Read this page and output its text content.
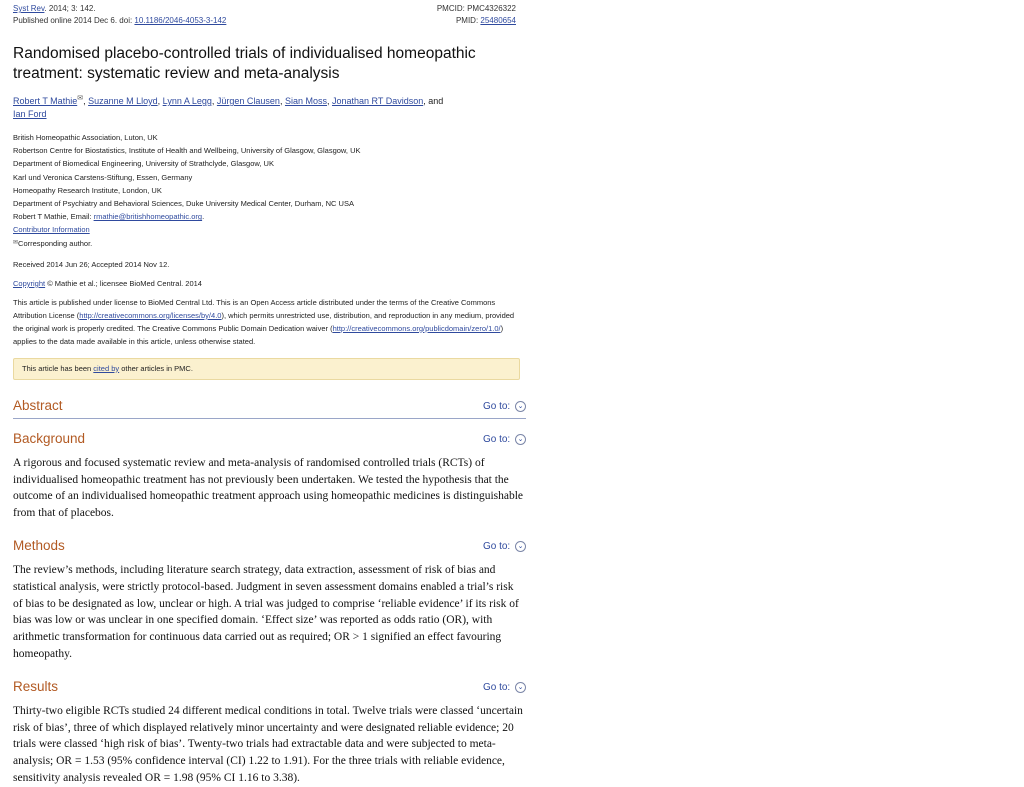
Syst Rev. 2014; 3: 142.
Published online 2014 Dec 6. doi: 10.1186/2046-4053-3-142
PMCID: PMC4326322
PMID: 25480654
Randomised placebo-controlled trials of individualised homeopathic treatment: systematic review and meta-analysis
Robert T Mathie✉, Suzanne M Lloyd, Lynn A Legg, Jürgen Clausen, Sian Moss, Jonathan RT Davidson, and
Ian Ford
British Homeopathic Association, Luton, UK
Robertson Centre for Biostatistics, Institute of Health and Wellbeing, University of Glasgow, Glasgow, UK
Department of Biomedical Engineering, University of Strathclyde, Glasgow, UK
Karl und Veronica Carstens-Stiftung, Essen, Germany
Homeopathy Research Institute, London, UK
Department of Psychiatry and Behavioral Sciences, Duke University Medical Center, Durham, NC USA
Robert T Mathie, Email: rmathie@britishhomeopathic.org.
Contributor Information
✉Corresponding author.
Received 2014 Jun 26; Accepted 2014 Nov 12.
Copyright © Mathie et al.; licensee BioMed Central. 2014
This article is published under license to BioMed Central Ltd. This is an Open Access article distributed under the terms of the Creative Commons Attribution License (http://creativecommons.org/licenses/by/4.0), which permits unrestricted use, distribution, and reproduction in any medium, provided the original work is properly credited. The Creative Commons Public Domain Dedication waiver (http://creativecommons.org/publicdomain/zero/1.0/) applies to the data made available in this article, unless otherwise stated.
This article has been cited by other articles in PMC.
Abstract	Go to: ⌄
Background	Go to: ⌄
A rigorous and focused systematic review and meta-analysis of randomised controlled trials (RCTs) of individualised homeopathic treatment has not previously been undertaken. We tested the hypothesis that the outcome of an individualised homeopathic treatment approach using homeopathic medicines is distinguishable from that of placebos.
Methods	Go to: ⌄
The review’s methods, including literature search strategy, data extraction, assessment of risk of bias and statistical analysis, were strictly protocol-based. Judgment in seven assessment domains enabled a trial’s risk of bias to be designated as low, unclear or high. A trial was judged to comprise ‘reliable evidence’ if its risk of bias was low or was unclear in one specified domain. ‘Effect size’ was reported as odds ratio (OR), with arithmetic transformation for continuous data carried out as required; OR > 1 signified an effect favouring homeopathy.
Results	Go to: ⌄
Thirty-two eligible RCTs studied 24 different medical conditions in total. Twelve trials were classed ‘uncertain risk of bias’, three of which displayed relatively minor uncertainty and were designated reliable evidence; 20 trials were classed ‘high risk of bias’. Twenty-two trials had extractable data and were subjected to meta-analysis; OR = 1.53 (95% confidence interval (CI) 1.22 to 1.91). For the three trials with reliable evidence, sensitivity analysis revealed OR = 1.98 (95% CI 1.16 to 3.38).
